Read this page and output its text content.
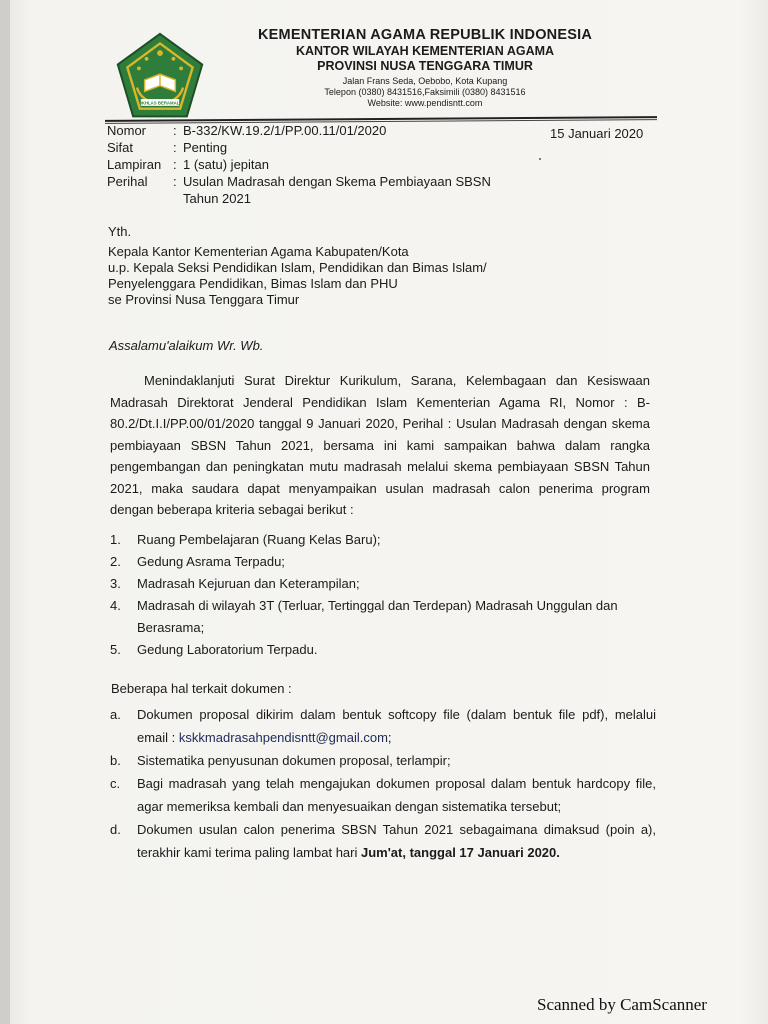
IKHLAS BERAMAL
KEMENTERIAN AGAMA REPUBLIK INDONESIA
KANTOR WILAYAH KEMENTERIAN AGAMA
PROVINSI NUSA TENGGARA TIMUR
Jalan Frans Seda, Oebobo, Kota Kupang
Telepon (0380) 8431516,Faksimili (0380) 8431516
Website: www.pendisntt.com
Nomor	: B-332/KW.19.2/1/PP.00.11/01/2020
Sifat	: Penting
Lampiran : 1 (satu) jepitan
Perihal	: Usulan Madrasah dengan Skema Pembiayaan SBSN Tahun 2021
15 Januari 2020
Yth.
Kepala Kantor Kementerian Agama Kabupaten/Kota
u.p. Kepala Seksi Pendidikan Islam, Pendidikan dan Bimas Islam/
Penyelenggara Pendidikan, Bimas Islam dan PHU
se Provinsi Nusa Tenggara Timur
Assalamu'alaikum Wr. Wb.
Menindaklanjuti Surat Direktur Kurikulum, Sarana, Kelembagaan dan Kesiswaan Madrasah Direktorat Jenderal Pendidikan Islam Kementerian Agama RI, Nomor : B-80.2/Dt.I.I/PP.00/01/2020 tanggal 9 Januari 2020, Perihal : Usulan Madrasah dengan skema pembiayaan SBSN Tahun 2021, bersama ini kami sampaikan bahwa dalam rangka pengembangan dan peningkatan mutu madrasah melalui skema pembiayaan SBSN Tahun 2021, maka saudara dapat menyampaikan usulan madrasah calon penerima program dengan beberapa kriteria sebagai berikut :
1.	Ruang Pembelajaran (Ruang Kelas Baru);
2.	Gedung Asrama Terpadu;
3.	Madrasah Kejuruan dan Keterampilan;
4.	Madrasah di wilayah 3T (Terluar, Tertinggal dan Terdepan) Madrasah Unggulan dan Berasrama;
5.	Gedung Laboratorium Terpadu.
Beberapa hal terkait dokumen :
a.	Dokumen proposal dikirim dalam bentuk softcopy file (dalam bentuk file pdf), melalui email : kskkmadrasahpendisntt@gmail.com;
b.	Sistematika penyusunan dokumen proposal, terlampir;
c.	Bagi madrasah yang telah mengajukan dokumen proposal dalam bentuk hardcopy file, agar memeriksa kembali dan menyesuaikan dengan sistematika tersebut;
d.	Dokumen usulan calon penerima SBSN Tahun 2021 sebagaimana dimaksud (poin a), terakhir kami terima paling lambat hari Jum'at, tanggal 17 Januari 2020.
Scanned by CamScanner
